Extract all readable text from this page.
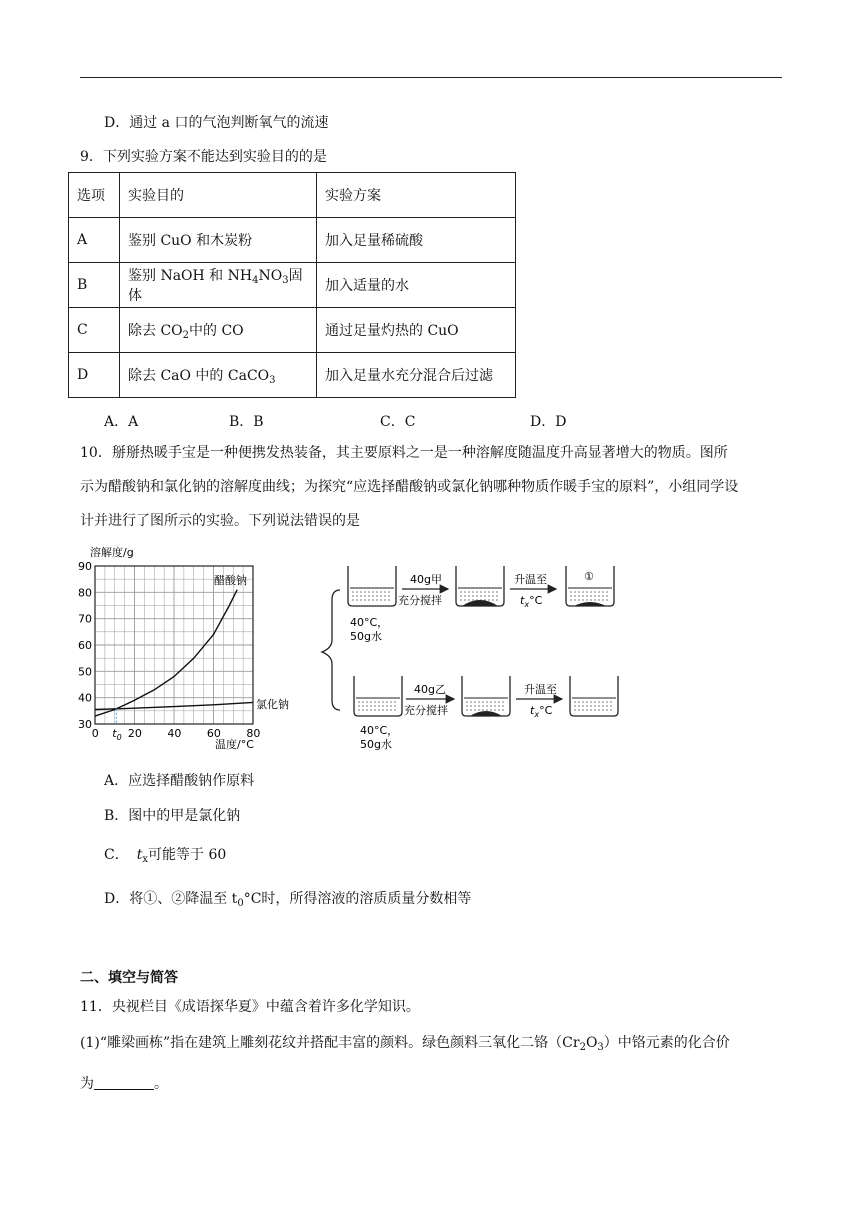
D．通过 a 口的气泡判断氧气的流速
9．下列实验方案不能达到实验目的的是
选项	实验目的	实验方案
A	鉴别 CuO 和木炭粉	加入足量稀硫酸
B	鉴别 NaOH 和 $NH_4NO_3$固体	加入适量的水
C	除去 $CO_2$中的 CO	通过足量灼热的 CuO
D	除去 CaO 中的 CaCO$_3$	加入足量水充分混合后过滤
A．A	B．B	C．C	D．D
10．掰掰热暖手宝是一种便携发热装备，其主要原料之一是一种溶解度随温度升高显著增大的物质。图所
示为醋酸钠和氯化钠的溶解度曲线；为探究“应选择醋酸钠或氯化钠哪种物质作暖手宝的原料”，小组同学设
计并进行了图所示的实验。下列说法错误的是
0	20 40 60 80
30
40
50
60
70
80
90
溶解度/g
温度/°C
$t_0$
醋酸钠
氯化钠
40g甲
充分搅拌
升温至
$t_x^\circ C$
①
40°C，
50g水
40g乙
充分搅拌
升温至
$t_x^\circ C$
40°C，
50g水
A．应选择醋酸钠作原料
B．图中的甲是氯化钠
C． $t_x$可能等于 60
D．将①、②降温至 $t_0^\circ C$时，所得溶液的溶质质量分数相等
二、填空与简答
11．央视栏目《成语探华夏》中蕴含着许多化学知识。
(1)“雕梁画栋”指在建筑上雕刻花纹并搭配丰富的颜料。绿色颜料三氧化二铬$(Cr_2O_3)$中铬元素的化合价
为	。
